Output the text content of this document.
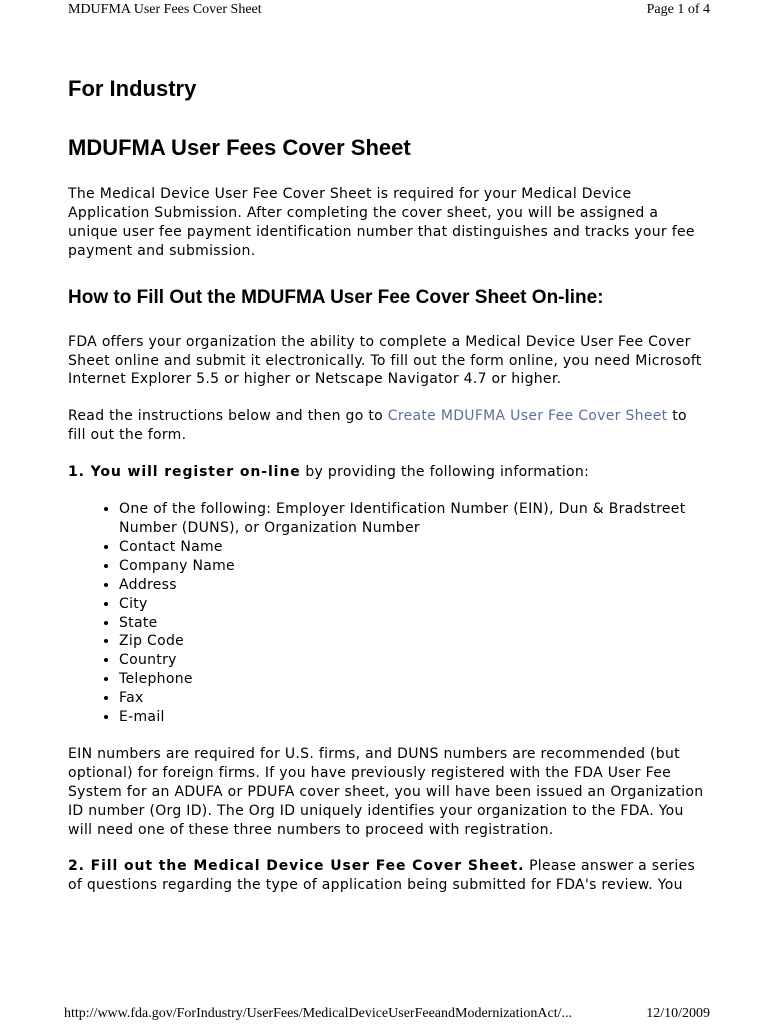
MDUFMA User Fees Cover Sheet	Page 1 of 4
For Industry
MDUFMA User Fees Cover Sheet

The Medical Device User Fee Cover Sheet is required for your Medical Device Application Submission. After completing the cover sheet, you will be assigned a unique user fee payment identification number that distinguishes and tracks your fee payment and submission.

How to Fill Out the MDUFMA User Fee Cover Sheet On-line:

FDA offers your organization the ability to complete a Medical Device User Fee Cover Sheet online and submit it electronically. To fill out the form online, you need Microsoft Internet Explorer 5.5 or higher or Netscape Navigator 4.7 or higher.

Read the instructions below and then go to Create MDUFMA User Fee Cover Sheet to fill out the form.

1. You will register on-line by providing the following information:

• One of the following: Employer Identification Number (EIN), Dun & Bradstreet Number (DUNS), or Organization Number
• Contact Name
• Company Name
• Address
• City
• State
• Zip Code
• Country
• Telephone
• Fax
• E-mail

EIN numbers are required for U.S. firms, and DUNS numbers are recommended (but optional) for foreign firms. If you have previously registered with the FDA User Fee System for an ADUFA or PDUFA cover sheet, you will have been issued an Organization ID number (Org ID). The Org ID uniquely identifies your organization to the FDA. You will need one of these three numbers to proceed with registration.

2. Fill out the Medical Device User Fee Cover Sheet. Please answer a series of questions regarding the type of application being submitted for FDA's review. You

http://www.fda.gov/ForIndustry/UserFees/MedicalDeviceUserFeeandModernizationAct/...	12/10/2009
